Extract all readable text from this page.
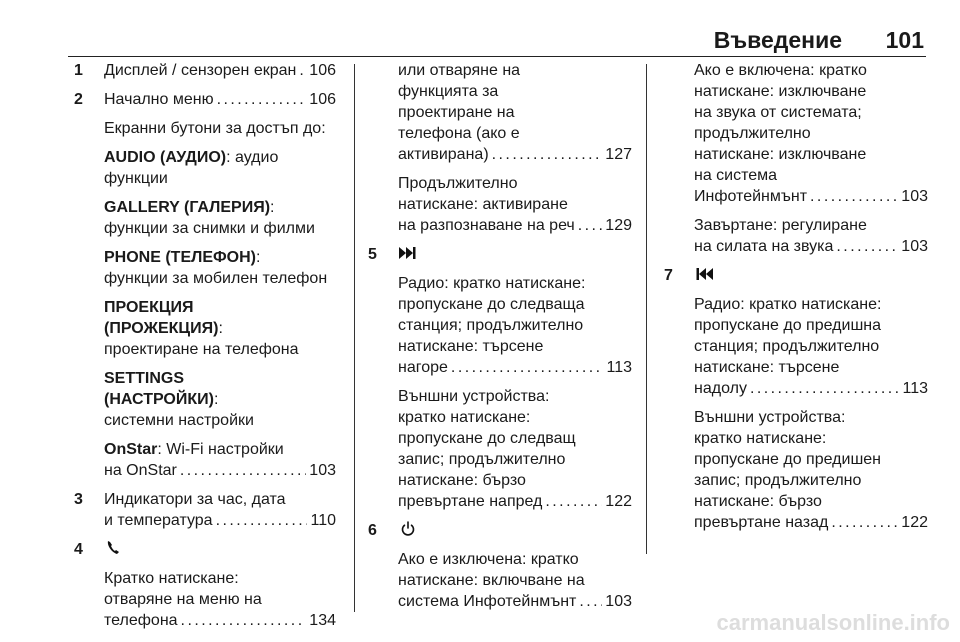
Въведение 101
1 Дисплей / сензорен екран . . . 106
2 Начално меню . . .	106
Екранни бутони за достъп до:
AUDIO (АУДИО): аудио
функции
GALLERY (ГАЛЕРИЯ):
функции за снимки и филми
PHONE (ТЕЛЕФОН):
функции за мобилен телефон
ПРОЕКЦИЯ
(ПРОЖЕКЦИЯ):
проектиране на телефона
SETTINGS
(НАСТРОЙКИ):
системни настройки
OnStar: Wi-Fi настройки
на OnStar . . .	103
3 Индикатори за час, дата
и температура . . .	110
4
Кратко натискане:
отваряне на меню на
телефона . . .	134
или отваряне на
функцията за
проектиране на
телефона (ако е
активирана) . . .	127
Продължително
натискане: активиране
на разпознаване на реч . . . 129
5
Радио: кратко натискане:
пропускане до следваща
станция; продължително
натискане: търсене
нагоре . . .	113
Външни устройства:
кратко натискане:
пропускане до следващ
запис; продължително
натискане: бързо
превъртане напред . . .	122
6
Ако е изключена: кратко
натискане: включване на
система Инфотейнмънт . . . 103
Ако е включена: кратко
натискане: изключване
на звука от системата;
продължително
натискане: изключване
на система
Инфотейнмънт . . .	103
Завъртане: регулиране
на силата на звука . . .	103
7
Радио: кратко натискане:
пропускане до предишна
станция; продължително
натискане: търсене
надолу . . .	113
Външни устройства:
кратко натискане:
пропускане до предишен
запис; продължително
натискане: бързо
превъртане назад . . .	122
carmanualsonline.info
